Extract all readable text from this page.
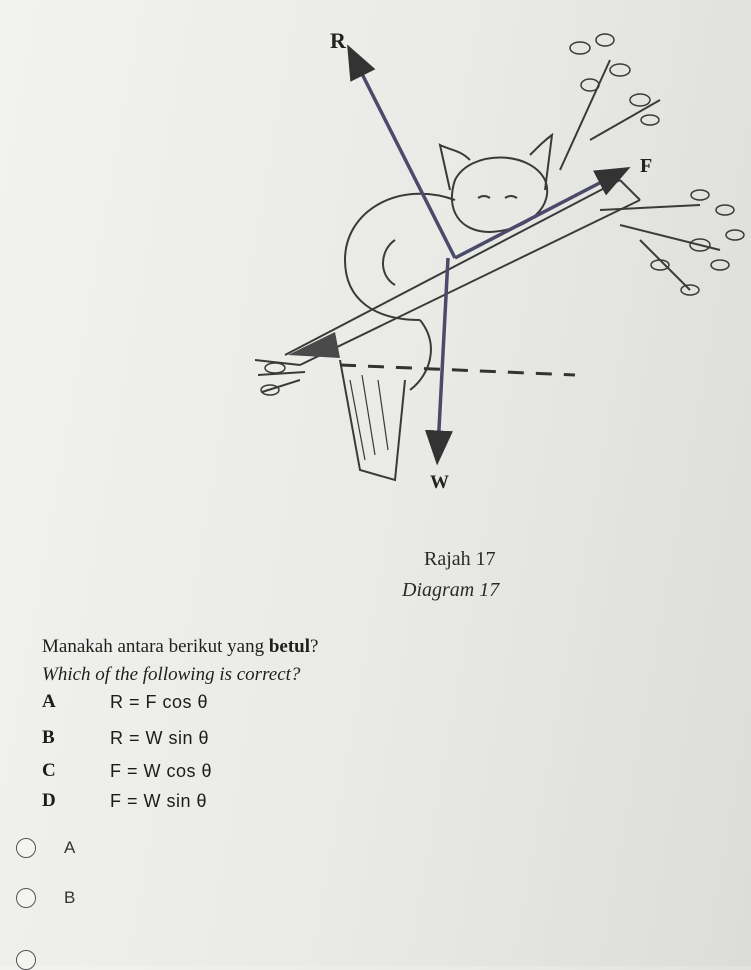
R
F
W
Rajah 17
Diagram 17
Manakah antara berikut yang betul?
Which of the following is correct?
A	R = F cos θ
B	R = W sin θ
C	F = W cos θ
D	F = W sin θ
A
B
